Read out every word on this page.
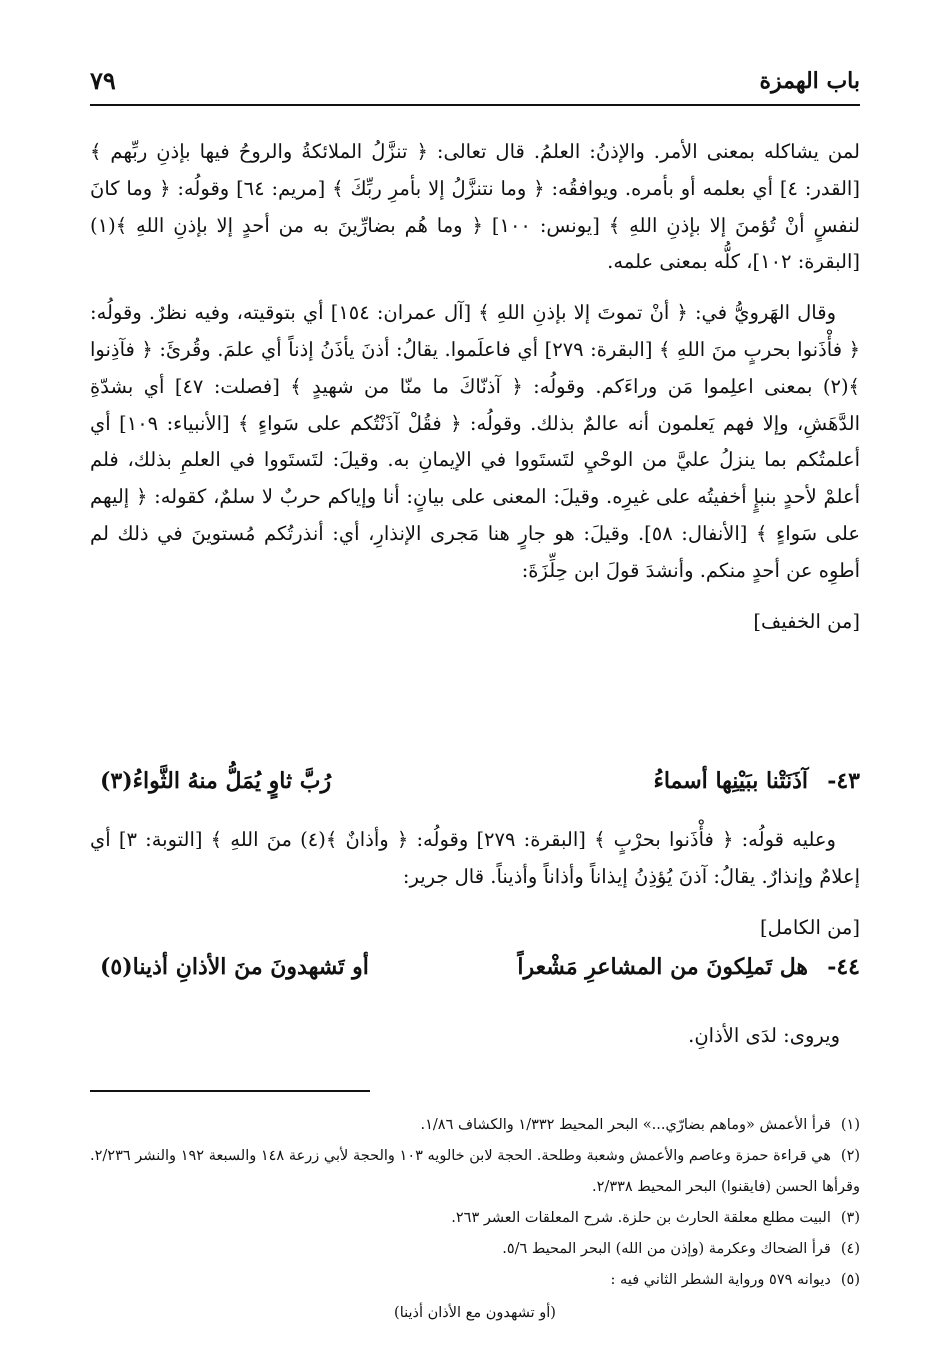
باب الهمزة
٧٩

لمن يشاكله بمعنى الأمر. والإذنُ: العلمُ. قال تعالى: ﴿ تنزَّلُ الملائكةُ والروحُ فيها بإذنِ ربِّهم ﴾ [القدر: ٤] أي بعلمه أو بأمره. ويوافقُه: ﴿ وما نتنزَّلُ إلا بأمرِ ربِّكَ ﴾ [مريم: ٦٤] وقولُه: ﴿ وما كانَ لنفسٍ أنْ تُؤمنَ إلا بإذنِ اللهِ ﴾ [يونس: ١٠٠] ﴿ وما هُم بضارِّينَ به من أحدٍ إلا بإذنِ اللهِ ﴾(١) [البقرة: ١٠٢]، كلُّه بمعنى علمه.

وقال الهَرويُّ في: ﴿ أنْ تموتَ إلا بإذنِ اللهِ ﴾ [آل عمران: ١٥٤] أي بتوقيته، وفيه نظرٌ. وقولُه: ﴿ فأْذَنوا بحربٍ منَ اللهِ ﴾ [البقرة: ٢٧٩] أي فاعلَموا. يقالُ: أذنَ يأذَنُ إذناً أي علمَ. وقُرئَ: ﴿ فآذِنوا ﴾(٢) بمعنى اعلِموا مَن وراءَكم. وقولُه: ﴿ آذنّاكَ ما منّا من شهيدٍ ﴾ [فصلت: ٤٧] أي بشدّةِ الدَّهَشِ، وإلا فهم يَعلمون أنه عالمٌ بذلك. وقولُه: ﴿ فقُلْ آذَنْتُكم على سَواءٍ ﴾ [الأنبياء: ١٠٩] أي أعلمتُكم بما ينزلُ عليَّ من الوحْيِ لتَستَووا في الإيمانِ به. وقيلَ: لتَستَووا في العلمِ بذلك، فلم أعلمْ لأحدٍ بنبإٍ أخفيتُه على غيرِه. وقيلَ: المعنى على بيانٍ: أنا وإياكم حربٌ لا سلمٌ، كقوله: ﴿ إليهم على سَواءٍ ﴾ [الأنفال: ٥٨]. وقيلَ: هو جارٍ هنا مَجرى الإنذارِ، أي: أنذرتُكم مُستوينَ في ذلك لم أطوِه عن أحدٍ منكم. وأنشدَ قولَ ابن حِلِّزَةَ:

[من الخفيف]

٤٣-
آذَنَتْنا ببَيْنِها أسماءُ
رُبَّ ثاوٍ يُمَلُّ منهُ الثَّواءُ(٣)

وعليه قولُه: ﴿ فأْذَنوا بحرْبٍ ﴾ [البقرة: ٢٧٩] وقولُه: ﴿ وأذانٌ ﴾(٤) منَ اللهِ ﴾ [التوبة: ٣] أي إعلامٌ وإنذارٌ. يقالُ: آذنَ يُؤذِنُ إيذاناً وأذاناً وأذيناً. قال جرير:

[من الكامل]

٤٤-
هل تَملِكونَ من المشاعرِ مَشْعراً
أو تَشهدونَ منَ الأذانِ أذينا(٥)
ويروى: لدَى الأذانِ.

(١)قرأ الأعمش «وماهم بضارّي...» البحر المحيط ١/٣٣٢ والكشاف ١/٨٦.

(٢)هي قراءة حمزة وعاصم والأعمش وشعبة وطلحة. الحجة لابن خالويه ١٠٣ والحجة لأبي زرعة ١٤٨ والسبعة ١٩٢ والنشر ٢/٢٣٦. وقرأها الحسن (فايقنوا) البحر المحيط ٢/٣٣٨.

(٣)البيت مطلع معلقة الحارث بن حلزة. شرح المعلقات العشر ٢٦٣.

(٤)قرأ الضحاك وعكرمة (وإذن من الله) البحر المحيط ٥/٦.

(٥)ديوانه ٥٧٩ ورواية الشطر الثاني فيه :

(أو تشهدون مع الأذان أذينا)
